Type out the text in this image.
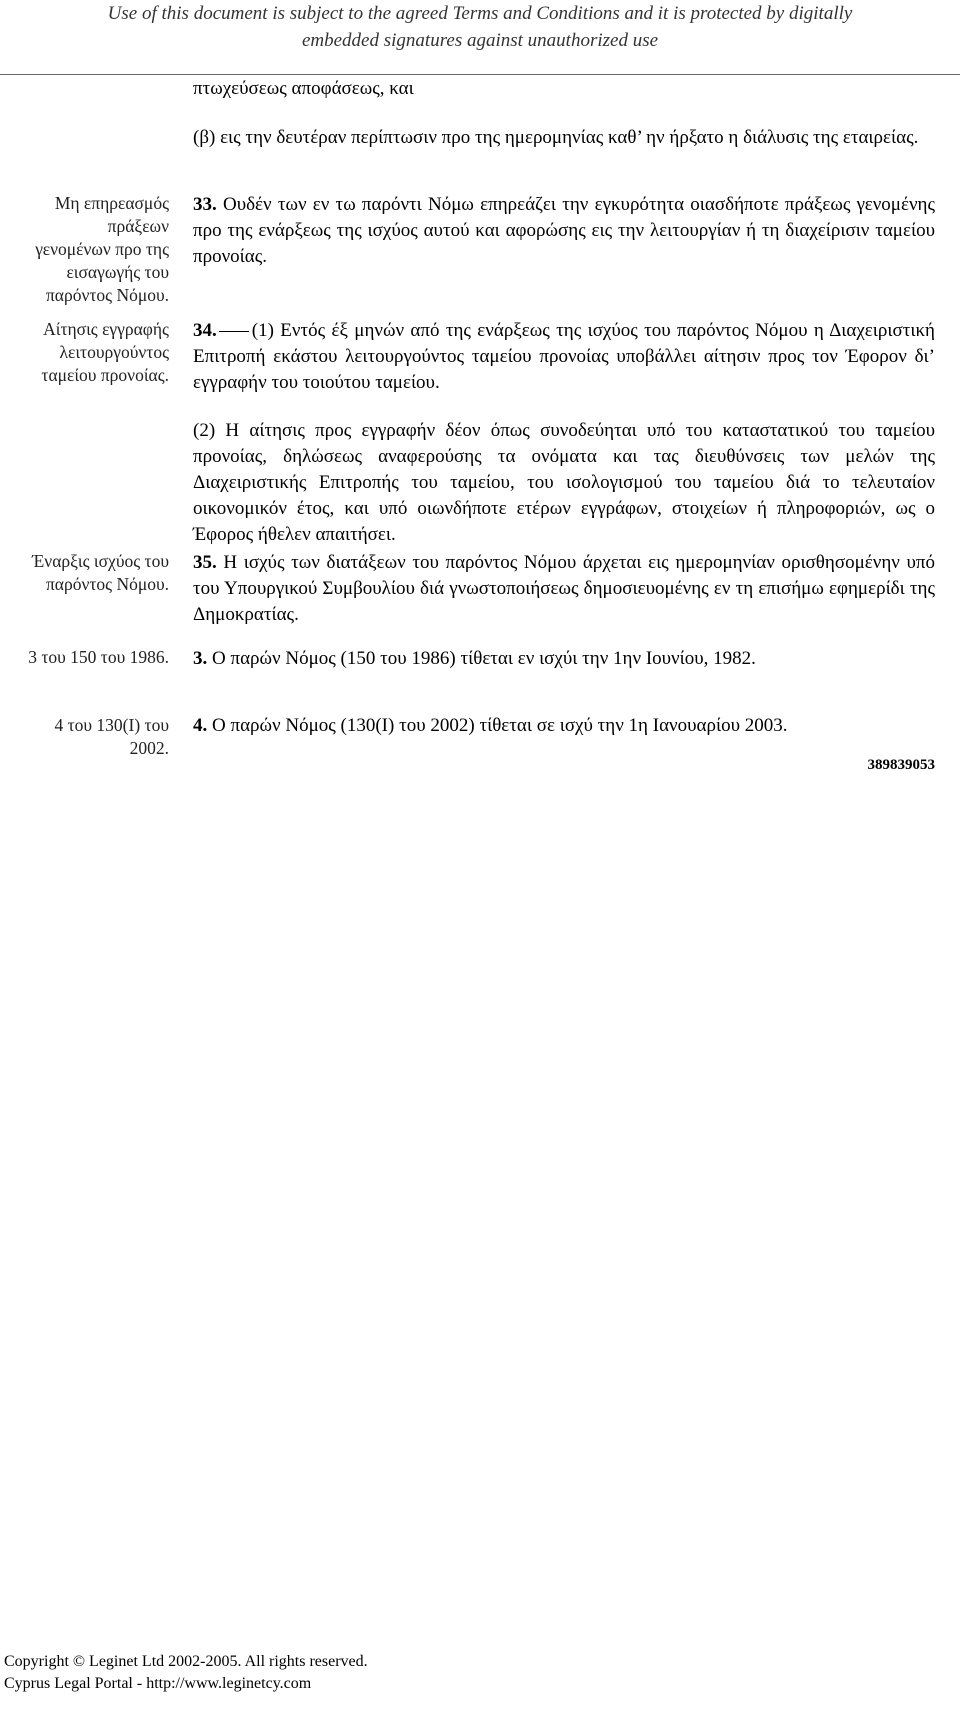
Use of this document is subject to the agreed Terms and Conditions and it is protected by digitally
embedded signatures against unauthorized use
πτωχεύσεως αποφάσεως, και
(β) εις την δευτέραν περίπτωσιν προ της ημερομηνίας καθ’ ην ήρξατο η διάλυσις της εταιρείας.
Μη επηρεασμός
πράξεων
γενομένων προ της
εισαγωγής του
παρόντος Νόμου.
33. Ουδέν των εν τω παρόντι Νόμω επηρεάζει την εγκυρότητα οιασδήποτε πράξεως γενομένης προ της ενάρξεως της ισχύος αυτού και αφορώσης εις την λειτουργίαν ή τη διαχείρισιν ταμείου προνοίας.
Αίτησις εγγραφής
λειτουργούντος
ταμείου προνοίας.
34. (1) Εντός έξ μηνών από της ενάρξεως της ισχύος του παρόντος Νόμου η Διαχειριστική Επιτροπή εκάστου λειτουργούντος ταμείου προνοίας υποβάλλει αίτησιν προς τον Έφορον δι’ εγγραφήν του τοιούτου ταμείου.
(2) Η αίτησις προς εγγραφήν δέον όπως συνοδεύηται υπό του καταστατικού του ταμείου προνοίας, δηλώσεως αναφερούσης τα ονόματα και τας διευθύνσεις των μελών της Διαχειριστικής Επιτροπής του ταμείου, του ισολογισμού του ταμείου διά το τελευταίον οικονομικόν έτος, και υπό οιωνδήποτε ετέρων εγγράφων, στοιχείων ή πληροφοριών, ως ο Έφορος ήθελεν απαιτήσει.
Έναρξις ισχύος του
παρόντος Νόμου.
35. Η ισχύς των διατάξεων του παρόντος Νόμου άρχεται εις ημερομηνίαν ορισθησομένην υπό του Υπουργικού Συμβουλίου διά γνωστοποιήσεως δημοσιευομένης εν τη επισήμω εφημερίδι της Δημοκρατίας.
3 του 150 του 1986. 3. Ο παρών Νόμος (150 του 1986) τίθεται εν ισχύι την 1ην Ιουνίου, 1982.
389839053
4 του 130(Ι) του
2002.
4. Ο παρών Νόμος (130(Ι) του 2002) τίθεται σε ισχύ την 1η Ιανουαρίου 2003.
Copyright © Leginet Ltd 2002-2005. All rights reserved.
Cyprus Legal Portal - http://www.leginetcy.com
